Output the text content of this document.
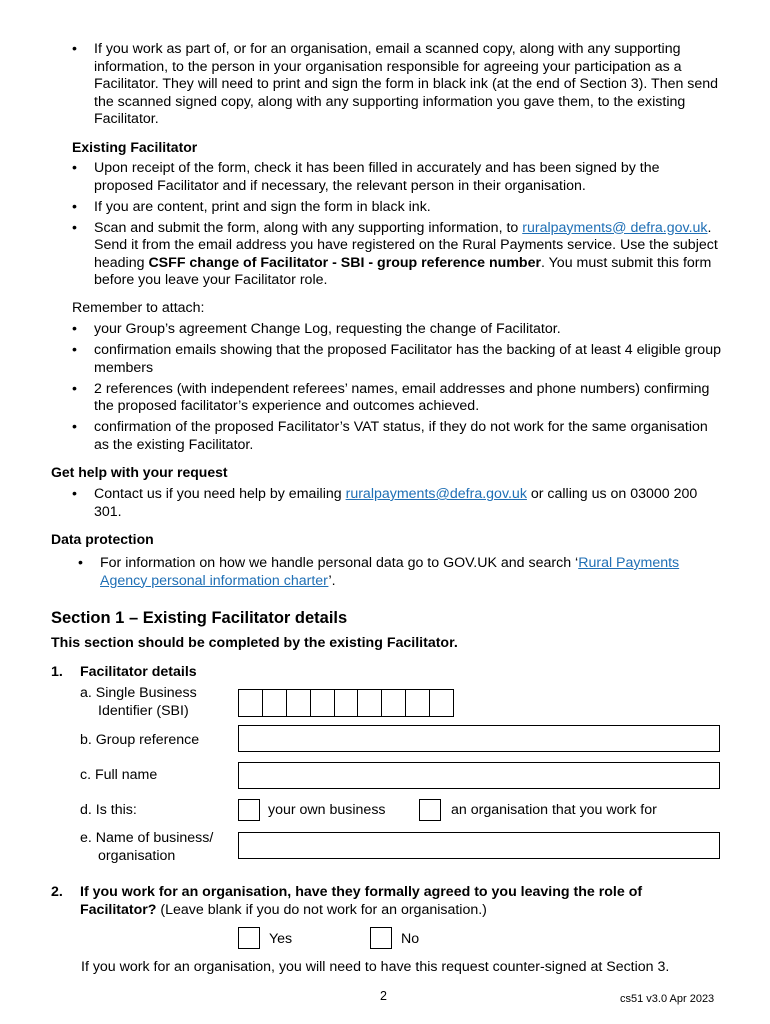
• If you work as part of, or for an organisation, email a scanned copy, along with any supporting information, to the person in your organisation responsible for agreeing your participation as a Facilitator. They will need to print and sign the form in black ink (at the end of Section 3). Then send the scanned signed copy, along with any supporting information you gave them, to the existing Facilitator.
Existing Facilitator
• Upon receipt of the form, check it has been filled in accurately and has been signed by the proposed Facilitator and if necessary, the relevant person in their organisation.
• If you are content, print and sign the form in black ink.
• Scan and submit the form, along with any supporting information, to ruralpayments@ defra.gov.uk. Send it from the email address you have registered on the Rural Payments service. Use the subject heading CSFF change of Facilitator - SBI - group reference number. You must submit this form before you leave your Facilitator role.
Remember to attach:
• your Group’s agreement Change Log, requesting the change of Facilitator.
• confirmation emails showing that the proposed Facilitator has the backing of at least 4 eligible group members
• 2 references (with independent referees’ names, email addresses and phone numbers) confirming the proposed facilitator’s experience and outcomes achieved.
• confirmation of the proposed Facilitator’s VAT status, if they do not work for the same organisation as the existing Facilitator.
Get help with your request
• Contact us if you need help by emailing ruralpayments@defra.gov.uk or calling us on 03000 200 301.
Data protection
• For information on how we handle personal data go to GOV.UK and search ‘Rural Payments Agency personal information charter’.
Section 1 – Existing Facilitator details
This section should be completed by the existing Facilitator.
1. Facilitator details
a. Single Business Identifier (SBI)
b. Group reference
c. Full name
d. Is this:	your own business	an organisation that you work for
e. Name of business/ organisation
2. If you work for an organisation, have they formally agreed to you leaving the role of Facilitator? (Leave blank if you do not work for an organisation.)
Yes	No
If you work for an organisation, you will need to have this request counter-signed at Section 3.
2	cs51 v3.0 Apr 2023
